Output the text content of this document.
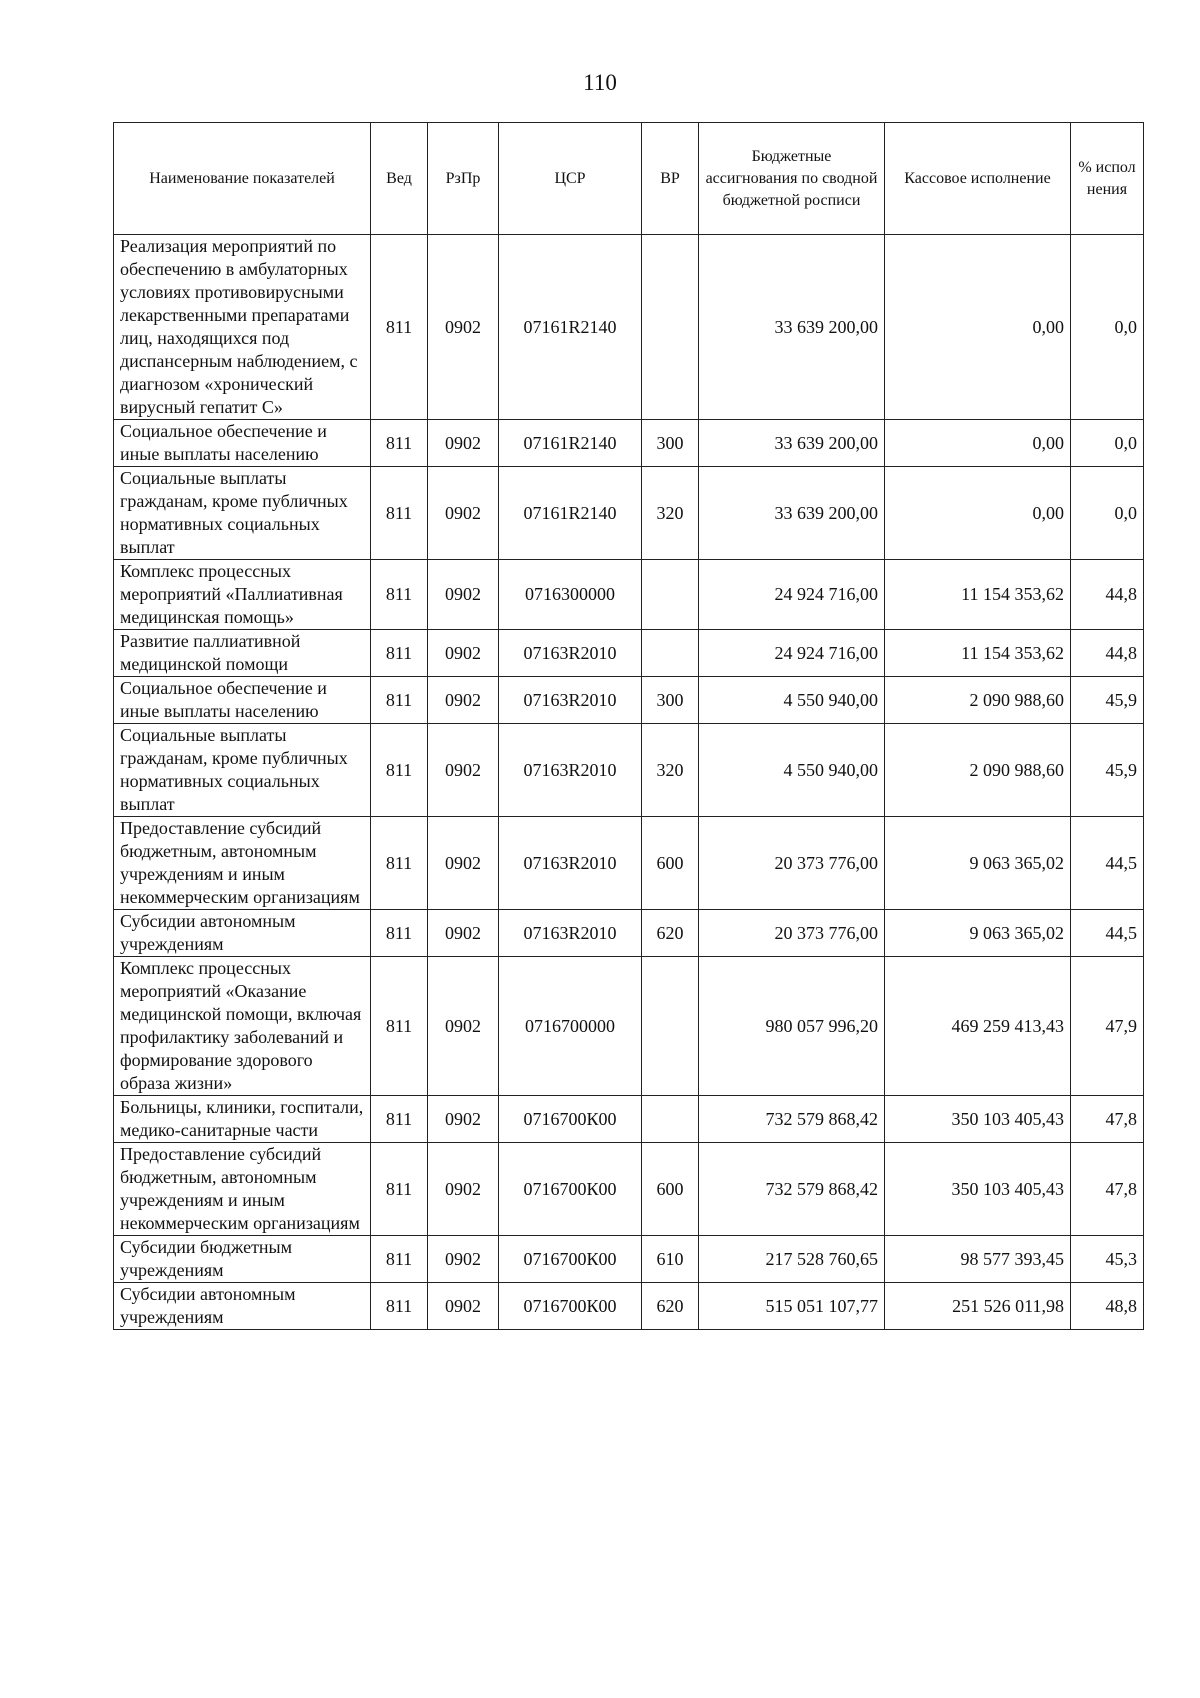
110
Наименование показателей	Вед	РзПр	ЦСР	ВР	Бюджетные ассигнования по сводной бюджетной росписи	Кассовое исполнение	% испол нения
Реализация мероприятий по обеспечению в амбулаторных условиях противовирусными лекарственными препаратами лиц, находящихся под диспансерным наблюдением, с диагнозом «хронический вирусный гепатит С»	811	0902	07161R2140		33 639 200,00	0,00	0,0
Социальное обеспечение и иные выплаты населению	811	0902	07161R2140	300	33 639 200,00	0,00	0,0
Социальные выплаты гражданам, кроме публичных нормативных социальных выплат	811	0902	07161R2140	320	33 639 200,00	0,00	0,0
Комплекс процессных мероприятий «Паллиативная медицинская помощь»	811	0902	0716300000		24 924 716,00	11 154 353,62	44,8
Развитие паллиативной медицинской помощи	811	0902	07163R2010		24 924 716,00	11 154 353,62	44,8
Социальное обеспечение и иные выплаты населению	811	0902	07163R2010	300	4 550 940,00	2 090 988,60	45,9
Социальные выплаты гражданам, кроме публичных нормативных социальных выплат	811	0902	07163R2010	320	4 550 940,00	2 090 988,60	45,9
Предоставление субсидий бюджетным, автономным учреждениям и иным некоммерческим организациям	811	0902	07163R2010	600	20 373 776,00	9 063 365,02	44,5
Субсидии автономным учреждениям	811	0902	07163R2010	620	20 373 776,00	9 063 365,02	44,5
Комплекс процессных мероприятий «Оказание медицинской помощи, включая профилактику заболеваний и формирование здорового образа жизни»	811	0902	0716700000		980 057 996,20	469 259 413,43	47,9
Больницы, клиники, госпитали, медико-санитарные части	811	0902	0716700К00		732 579 868,42	350 103 405,43	47,8
Предоставление субсидий бюджетным, автономным учреждениям и иным некоммерческим организациям	811	0902	0716700К00	600	732 579 868,42	350 103 405,43	47,8
Субсидии бюджетным учреждениям	811	0902	0716700К00	610	217 528 760,65	98 577 393,45	45,3
Субсидии автономным учреждениям	811	0902	0716700К00	620	515 051 107,77	251 526 011,98	48,8
